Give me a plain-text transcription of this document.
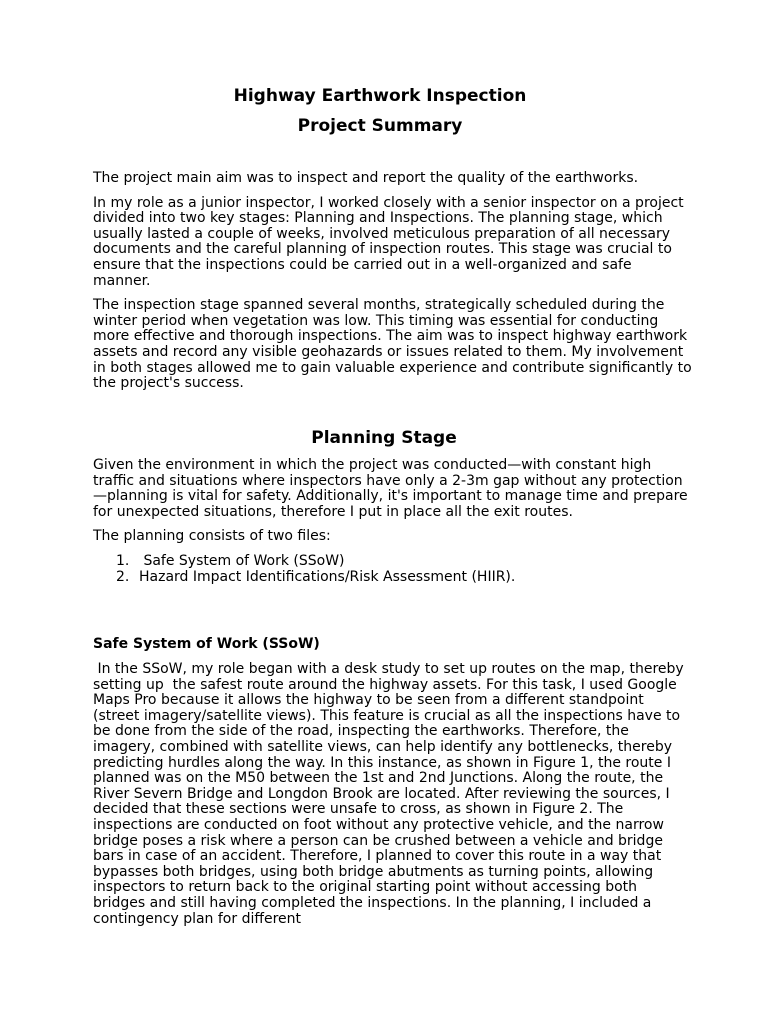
Highway Earthwork Inspection
Project Summary

The project main aim was to inspect and report the quality of the earthworks.

In my role as a junior inspector, I worked closely with a senior inspector on a project divided into two key stages: Planning and Inspections. The planning stage, which usually lasted a couple of weeks, involved meticulous preparation of all necessary documents and the careful planning of inspection routes. This stage was crucial to ensure that the inspections could be carried out in a well-organized and safe manner.

The inspection stage spanned several months, strategically scheduled during the winter period when vegetation was low. This timing was essential for conducting more effective and thorough inspections. The aim was to inspect highway earthwork assets and record any visible geohazards or issues related to them. My involvement in both stages allowed me to gain valuable experience and contribute significantly to the project's success.

Planning Stage

Given the environment in which the project was conducted—with constant high traffic and situations where inspectors have only a 2-3m gap without any protection—planning is vital for safety. Additionally, it's important to manage time and prepare for unexpected situations, therefore I put in place all the exit routes.

The planning consists of two files:

1. Safe System of Work (SSoW)
2. Hazard Impact Identifications/Risk Assessment (HIIR).
Safe System of Work (SSoW)

In the SSoW, my role began with a desk study to set up routes on the map, thereby setting up  the safest route around the highway assets. For this task, I used Google Maps Pro because it allows the highway to be seen from a different standpoint (street imagery/satellite views). This feature is crucial as all the inspections have to be done from the side of the road, inspecting the earthworks. Therefore, the imagery, combined with satellite views, can help identify any bottlenecks, thereby predicting hurdles along the way. In this instance, as shown in Figure 1, the route I planned was on the M50 between the 1st and 2nd Junctions. Along the route, the River Severn Bridge and Longdon Brook are located. After reviewing the sources, I decided that these sections were unsafe to cross, as shown in Figure 2. The inspections are conducted on foot without any protective vehicle, and the narrow bridge poses a risk where a person can be crushed between a vehicle and bridge bars in case of an accident. Therefore, I planned to cover this route in a way that bypasses both bridges, using both bridge abutments as turning points, allowing inspectors to return back to the original starting point without accessing both bridges and still having completed the inspections. In the planning, I included a contingency plan for different
